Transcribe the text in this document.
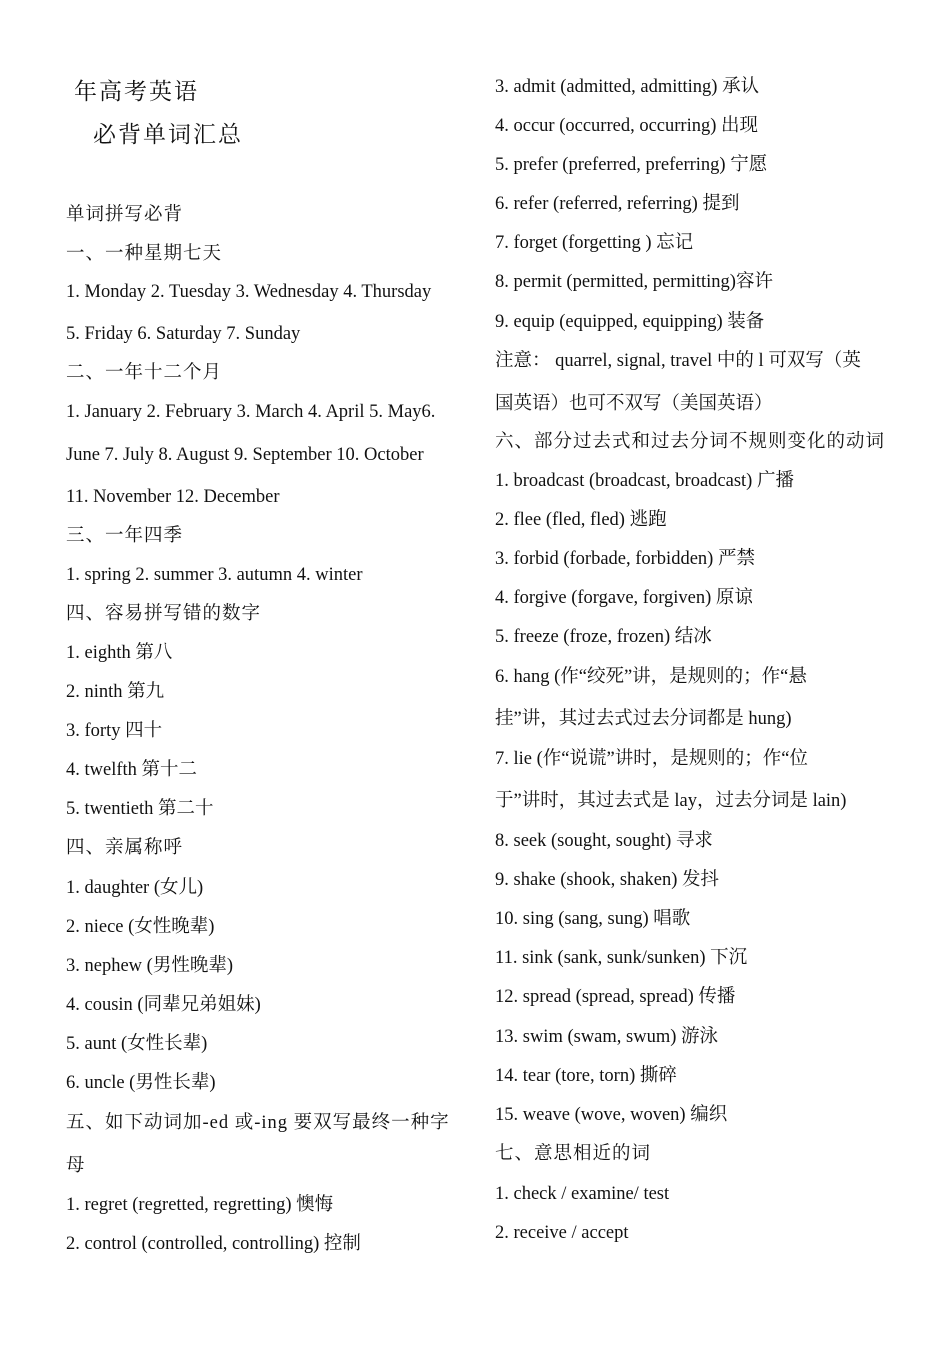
年高考英语
必背单词汇总
单词拼写必背
一、一种星期七天
1. Monday 2. Tuesday 3. Wednesday 4. Thursday
5. Friday 6. Saturday 7. Sunday
二、一年十二个月
1. January 2. February 3. March 4. April 5. May6.
June 7. July 8. August 9. September 10. October
11. November 12. December
三、一年四季
1. spring 2. summer 3. autumn 4. winter
四、容易拼写错的数字
1. eighth 第八
2. ninth 第九
3. forty 四十
4. twelfth 第十二
5. twentieth 第二十
四、亲属称呼
1. daughter (女儿)
2. niece (女性晚辈)
3. nephew (男性晚辈)
4. cousin (同辈兄弟姐妹)
5. aunt (女性长辈)
6. uncle (男性长辈)
五、如下动词加-ed 或-ing 要双写最终一种字
母
1. regret (regretted, regretting) 懊悔
2. control (controlled, controlling) 控制
3. admit (admitted, admitting) 承认
4. occur (occurred, occurring) 出现
5. prefer (preferred, preferring) 宁愿
6. refer (referred, referring) 提到
7. forget (forgetting ) 忘记
8. permit (permitted, permitting)容许
9. equip (equipped, equipping) 装备
注意： quarrel, signal, travel 中的 l 可双写（英
国英语）也可不双写（美国英语）
六、部分过去式和过去分词不规则变化的动词
1. broadcast (broadcast, broadcast) 广播
2. flee (fled, fled) 逃跑
3. forbid (forbade, forbidden) 严禁
4. forgive (forgave, forgiven) 原谅
5. freeze (froze, frozen) 结冰
6. hang (作“绞死”讲，是规则的；作“悬
挂”讲，其过去式过去分词都是 hung)
7. lie (作“说谎”讲时，是规则的；作“位
于”讲时，其过去式是 lay，过去分词是 lain)
8. seek (sought, sought) 寻求
9. shake (shook, shaken) 发抖
10. sing (sang, sung) 唱歌
11. sink (sank, sunk/sunken) 下沉
12. spread (spread, spread) 传播
13. swim (swam, swum) 游泳
14. tear (tore, torn) 撕碎
15. weave (wove, woven) 编织
七、意思相近的词
1. check / examine/ test
2. receive / accept
